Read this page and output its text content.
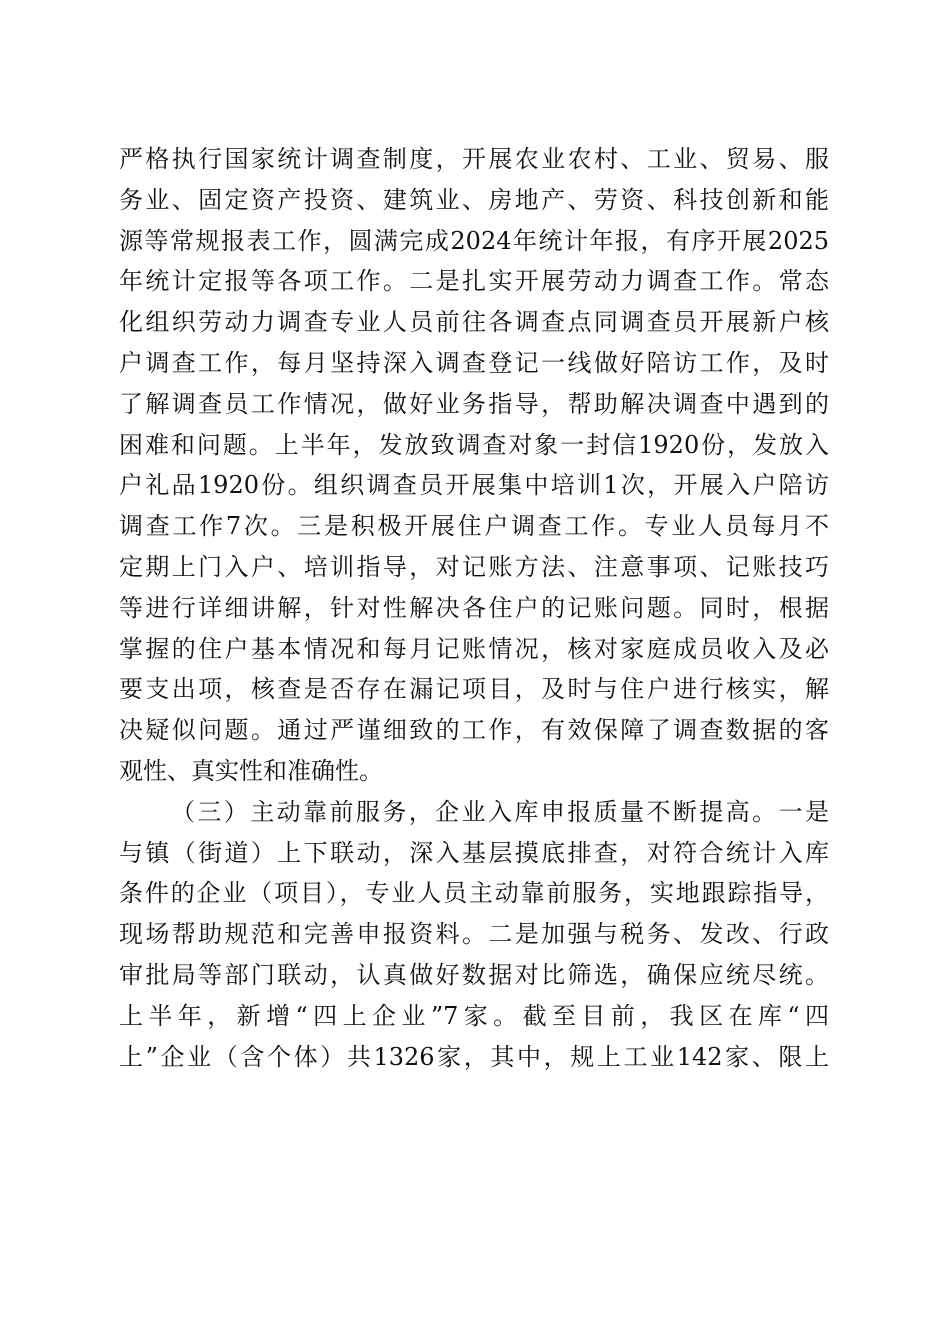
严格执行国家统计调查制度，开展农业农村、工业、贸易、服
务业、固定资产投资、建筑业、房地产、劳资、科技创新和能
源等常规报表工作，圆满完成2024年统计年报，有序开展2025
年统计定报等各项工作。二是扎实开展劳动力调查工作。常态
化组织劳动力调查专业人员前往各调查点同调查员开展新户核
户调查工作，每月坚持深入调查登记一线做好陪访工作，及时
了解调查员工作情况，做好业务指导，帮助解决调查中遇到的
困难和问题。上半年，发放致调查对象一封信1920份，发放入
户礼品1920份。组织调查员开展集中培训1次，开展入户陪访
调查工作7次。三是积极开展住户调查工作。专业人员每月不
定期上门入户、培训指导，对记账方法、注意事项、记账技巧
等进行详细讲解，针对性解决各住户的记账问题。同时，根据
掌握的住户基本情况和每月记账情况，核对家庭成员收入及必
要支出项，核查是否存在漏记项目，及时与住户进行核实，解
决疑似问题。通过严谨细致的工作，有效保障了调查数据的客
观性、真实性和准确性。
（三）主动靠前服务，企业入库申报质量不断提高。一是
与镇（街道）上下联动，深入基层摸底排查，对符合统计入库
条件的企业（项目），专业人员主动靠前服务，实地跟踪指导，
现场帮助规范和完善申报资料。二是加强与税务、发改、行政
审批局等部门联动，认真做好数据对比筛选，确保应统尽统。
上半年，新增“四上企业”7家。截至目前，我区在库“四
上”企业（含个体）共1326家，其中，规上工业142家、限上
